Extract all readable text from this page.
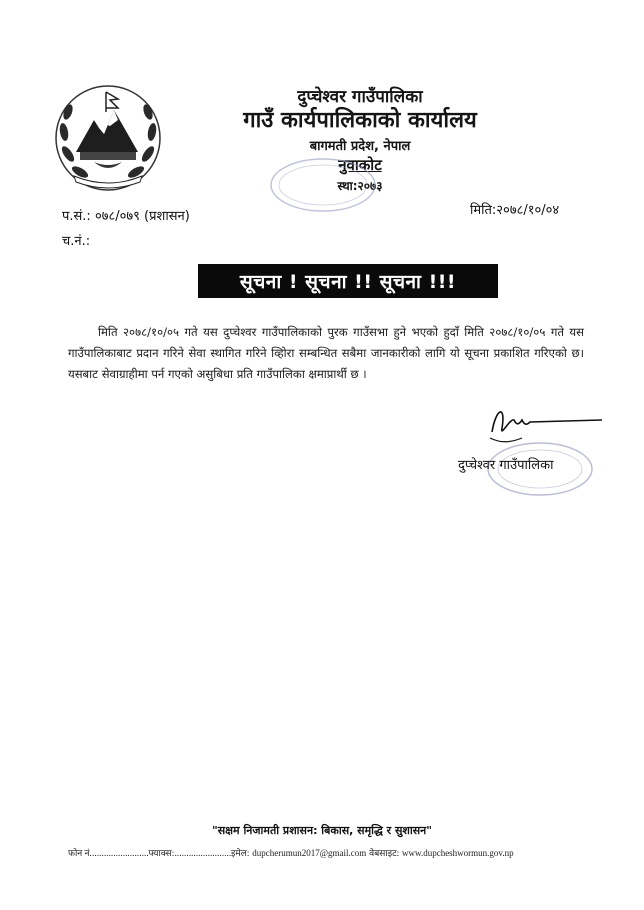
दुप्चेश्वर गाउँपालिका
गाउँ कार्यपालिकाको कार्यालय
बागमती प्रदेश, नेपाल
नुवाकोट
स्था:२०७३
प.सं.: ०७८/०७९ (प्रशासन)	मिति:२०७८/१०/०४
च.नं.:
सूचना ! सूचना !! सूचना !!!
मिति २०७८/१०/०५ गते यस दुप्चेश्वर गाउँपालिकाको पुरक गाउँसभा हुने भएको हुदाँ मिति २०७८/१०/०५ गते यस गाउँपालिकाबाट प्रदान गरिने सेवा स्थागित गरिने व्हिोरा सम्बन्धित सबैमा जानकारीको लागि यो सूचना प्रकाशित गरिएको छ। यसबाट सेवाग्राहीमा पर्न गएको असुबिधा प्रति गाउँपालिका क्षमाप्रार्थी छ ।
दुप्चेश्वर गाउँपालिका
"सक्षम निजामती प्रशासन: बिकास, समृद्धि र सुशासन"
फोन नं.........................फ्याक्स:........................इमेल: dupcherumun2017@gmail.com वेबसाइट: www.dupcheshwormun.gov.np
